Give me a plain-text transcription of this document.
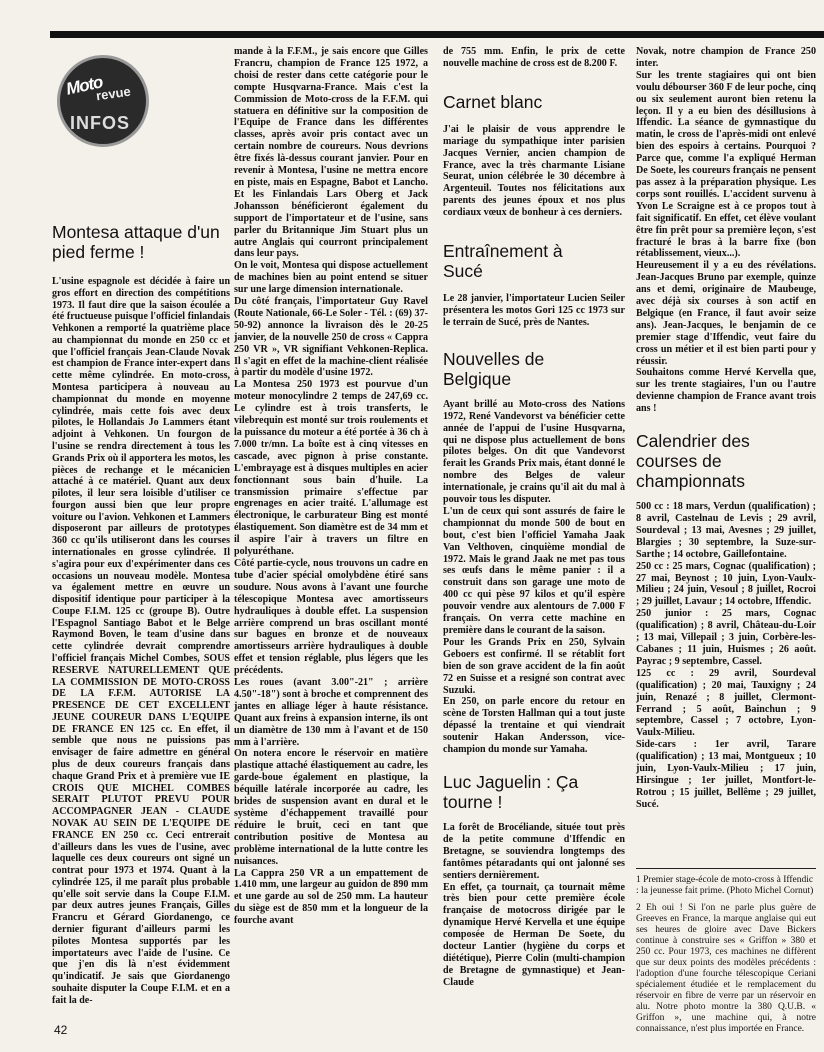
Moto
revue
INFOS
Montesa attaque d'un pied ferme !

L'usine espagnole est décidée à faire un gros effort en direction des compétitions 1973. Il faut dire que la saison écoulée a été fructueuse puisque l'officiel finlandais Vehkonen a remporté la quatrième place au championnat du monde en 250 cc et que l'officiel français Jean-Claude Novak est champion de France inter-expert dans cette même cylindrée. En moto-cross, Montesa participera à nouveau au championnat du monde en moyenne cylindrée, mais cette fois avec deux pilotes, le Hollandais Jo Lammers étant adjoint à Vehkonen. Un fourgon de l'usine se rendra directement à tous les Grands Prix où il apportera les motos, les pièces de rechange et le mécanicien attaché à ce matériel. Quant aux deux pilotes, il leur sera loisible d'utiliser ce fourgon aussi bien que leur propre voiture ou l'avion. Vehkonen et Lammers disposeront par ailleurs de prototypes 360 cc qu'ils utiliseront dans les courses internationales en grosse cylindrée. Il s'agira pour eux d'expérimenter dans ces occasions un nouveau modèle. Montesa va également mettre en œuvre un dispositif identique pour participer à la Coupe F.I.M. 125 cc (groupe B). Outre l'Espagnol Santiago Babot et le Belge Raymond Boven, le team d'usine dans cette cylindrée devrait comprendre l'officiel français Michel Combes, SOUS RESERVE NATURELLEMENT QUE LA COMMISSION DE MOTO-CROSS DE LA F.F.M. AUTORISE LA PRESENCE DE CET EXCELLENT JEUNE COUREUR DANS L'EQUIPE DE FRANCE EN 125 cc. En effet, il semble que nous ne puissions pas envisager de faire admettre en général plus de deux coureurs français dans chaque Grand Prix et à première vue IE CROIS QUE MICHEL COMBES SERAIT PLUTOT PREVU POUR ACCOMPAGNER JEAN - CLAUDE NOVAK AU SEIN DE L'EQUIPE DE FRANCE EN 250 cc. Ceci entrerait d'ailleurs dans les vues de l'usine, avec laquelle ces deux coureurs ont signé un contrat pour 1973 et 1974. Quant à la cylindrée 125, il me paraît plus probable qu'elle soit servie dans la Coupe F.I.M. par deux autres jeunes Français, Gilles Francru et Gérard Giordanengo, ce dernier figurant d'ailleurs parmi les pilotes Montesa supportés par les importateurs avec l'aide de l'usine. Ce que j'en dis là n'est évidemment qu'indicatif. Je sais que Giordanengo souhaite disputer la Coupe F.I.M. et en a fait la de-

mande à la F.F.M., je sais encore que Gilles Francru, champion de France 125 1972, a choisi de rester dans cette catégorie pour le compte Husqvarna-France. Mais c'est la Commission de Moto-cross de la F.F.M. qui statuera en définitive sur la composition de l'Equipe de France dans les différentes classes, après avoir pris contact avec un certain nombre de coureurs. Nous devrions être fixés là-dessus courant janvier. Pour en revenir à Montesa, l'usine ne mettra encore en piste, mais en Espagne, Babot et Lancho. Et les Finlandais Lars Oberg et Jack Johansson bénéficieront également du support de l'importateur et de l'usine, sans parler du Britannique Jim Stuart plus un autre Anglais qui courront principalement dans leur pays.

On le voit, Montesa qui dispose actuellement de machines bien au point entend se situer sur une large dimension internationale.

Du côté français, l'importateur Guy Ravel (Route Nationale, 66-Le Soler - Tél. : (69) 37-50-92) annonce la livraison dès le 20-25 janvier, de la nouvelle 250 de cross « Cappra 250 VR », VR signifiant Vehkonen-Replica. Il s'agit en effet de la machine-client réalisée à partir du modèle d'usine 1972.

La Montesa 250 1973 est pourvue d'un moteur monocylindre 2 temps de 247,69 cc. Le cylindre est à trois transferts, le vilebrequin est monté sur trois roulements et la puissance du moteur a été portée à 36 ch à 7.000 tr/mn. La boîte est à cinq vitesses en cascade, avec pignon à prise constante. L'embrayage est à disques multiples en acier fonctionnant sous bain d'huile. La transmission primaire s'effectue par engrenages en acier traité. L'allumage est électronique, le carburateur Bing est monté élastiquement. Son diamètre est de 34 mm et il aspire l'air à travers un filtre en polyuréthane.

Côté partie-cycle, nous trouvons un cadre en tube d'acier spécial omolybdène étiré sans soudure. Nous avons à l'avant une fourche télescopique Montesa avec amortisseurs hydrauliques à double effet. La suspension arrière comprend un bras oscillant monté sur bagues en bronze et de nouveaux amortisseurs arrière hydrauliques à double effet et tension réglable, plus légers que les précédents.

Les roues (avant 3.00"-21" ; arrière 4.50"-18") sont à broche et comprennent des jantes en alliage léger à haute résistance. Quant aux freins à expansion interne, ils ont un diamètre de 130 mm à l'avant et de 150 mm à l'arrière.

On notera encore le réservoir en matière plastique attaché élastiquement au cadre, les garde-boue également en plastique, la béquille latérale incorporée au cadre, les brides de suspension avant en dural et le système d'échappement travaillé pour réduire le bruit, ceci en tant que contribution positive de Montesa au problème international de la lutte contre les nuisances.

La Cappra 250 VR a un empattement de 1.410 mm, une largeur au guidon de 890 mm et une garde au sol de 250 mm. La hauteur du siège est de 850 mm et la longueur de la fourche avant

de 755 mm. Enfin, le prix de cette nouvelle machine de cross est de 8.200 F.

Carnet blanc

J'ai le plaisir de vous apprendre le mariage du sympathique inter parisien Jacques Vernier, ancien champion de France, avec la très charmante Lisiane Seurat, union célébrée le 30 décembre à Argenteuil. Toutes nos félicitations aux parents des jeunes époux et nos plus cordiaux vœux de bonheur à ces derniers.

Entraînement à Sucé

Le 28 janvier, l'importateur Lucien Seiler présentera les motos Gori 125 cc 1973 sur le terrain de Sucé, près de Nantes.

Nouvelles de Belgique

Ayant brillé au Moto-cross des Nations 1972, René Vandevorst va bénéficier cette année de l'appui de l'usine Husqvarna, qui ne dispose plus actuellement de bons pilotes belges. On dit que Vandevorst ferait les Grands Prix mais, étant donné le nombre des Belges de valeur internationale, je crains qu'il ait du mal à pouvoir tous les disputer.

L'un de ceux qui sont assurés de faire le championnat du monde 500 de bout en bout, c'est bien l'officiel Yamaha Jaak Van Velthoven, cinquième mondial de 1972. Mais le grand Jaak ne met pas tous ses œufs dans le même panier : il a construit dans son garage une moto de 400 cc qui pèse 97 kilos et qu'il espère pouvoir vendre aux alentours de 7.000 F français. On verra cette machine en première dans le courant de la saison.

Pour les Grands Prix en 250, Sylvain Geboers est confirmé. Il se rétablit fort bien de son grave accident de la fin août 72 en Suisse et a resigné son contrat avec Suzuki.

En 250, on parle encore du retour en scène de Torsten Hallman qui a tout juste dépassé la trentaine et qui viendrait soutenir Hakan Andersson, vice-champion du monde sur Yamaha.

Luc Jaguelin : Ça tourne !

La forêt de Brocéliande, située tout près de la petite commune d'Iffendic en Bretagne, se souviendra longtemps des fantômes pétaradants qui ont jalonné ses sentiers dernièrement.

En effet, ça tournait, ça tournait même très bien pour cette première école française de motocross dirigée par le dynamique Hervé Kervella et une équipe composée de Herman De Soete, du docteur Lantier (hygiène du corps et diététique), Pierre Colin (multi-champion de Bretagne de gymnastique) et Jean-Claude

Novak, notre champion de France 250 inter.

Sur les trente stagiaires qui ont bien voulu débourser 360 F de leur poche, cinq ou six seulement auront bien retenu la leçon. Il y a eu bien des désillusions à Iffendic. La séance de gymnastique du matin, le cross de l'après-midi ont enlevé bien des espoirs à certains. Pourquoi ? Parce que, comme l'a expliqué Herman De Soete, les coureurs français ne pensent pas assez à la préparation physique. Les corps sont rouillés. L'accident survenu à Yvon Le Scraigne est à ce propos tout à fait significatif. En effet, cet élève voulant être fin prêt pour sa première leçon, s'est fracturé le bras à la barre fixe (bon rétablissement, vieux...).

Heureusement il y a eu des révélations. Jean-Jacques Bruno par exemple, quinze ans et demi, originaire de Maubeuge, avec déjà six courses à son actif en Belgique (en France, il faut avoir seize ans). Jean-Jacques, le benjamin de ce premier stage d'Iffendic, veut faire du cross un métier et il est bien parti pour y réussir.

Souhaitons comme Hervé Kervella que, sur les trente stagiaires, l'un ou l'autre devienne champion de France avant trois ans !

Calendrier des courses de championnats

500 cc : 18 mars, Verdun (qualification) ; 8 avril, Castelnau de Levis ; 29 avril, Sourdeval ; 13 mai, Avesnes ; 29 juillet, Blargies ; 30 septembre, la Suze-sur-Sarthe ; 14 octobre, Gaillefontaine.

250 cc : 25 mars, Cognac (qualification) ; 27 mai, Beynost ; 10 juin, Lyon-Vaulx-Milieu ; 24 juin, Vesoul ; 8 juillet, Rocroi ; 29 juillet, Lavaur ; 14 octobre, Iffendic.

250 junior : 25 mars, Cognac (qualification) ; 8 avril, Château-du-Loir ; 13 mai, Villepail ; 3 juin, Corbère-les-Cabanes ; 11 juin, Huismes ; 26 août. Payrac ; 9 septembre, Cassel.

125 cc : 29 avril, Sourdeval (qualification) ; 20 mai, Tauxigny ; 24 juin, Renazé ; 8 juillet, Clermont-Ferrand ; 5 août, Bainchun ; 9 septembre, Cassel ; 7 octobre, Lyon-Vaulx-Milieu.

Side-cars : 1er avril, Tarare (qualification) ; 13 mai, Montgueux ; 10 juin, Lyon-Vaulx-Milieu ; 17 juin, Hirsingue ; 1er juillet, Montfort-le-Rotrou ; 15 juillet, Bellême ; 29 juillet, Sucé.

1 Premier stage-école de moto-cross à Iffendic : la jeunesse fait prime. (Photo Michel Cornut)

2 Eh oui ! Si l'on ne parle plus guère de Greeves en France, la marque anglaise qui eut ses heures de gloire avec Dave Bickers continue à construire ses « Griffon » 380 et 250 cc. Pour 1973, ces machines ne diffèrent que sur deux points des modèles précédents : l'adoption d'une fourche télescopique Ceriani spécialement étudiée et le remplacement du réservoir en fibre de verre par un réservoir en alu. Notre photo montre la 380 Q.U.B. « Griffon », une machine qui, à notre connaissance, n'est plus importée en France.

42
